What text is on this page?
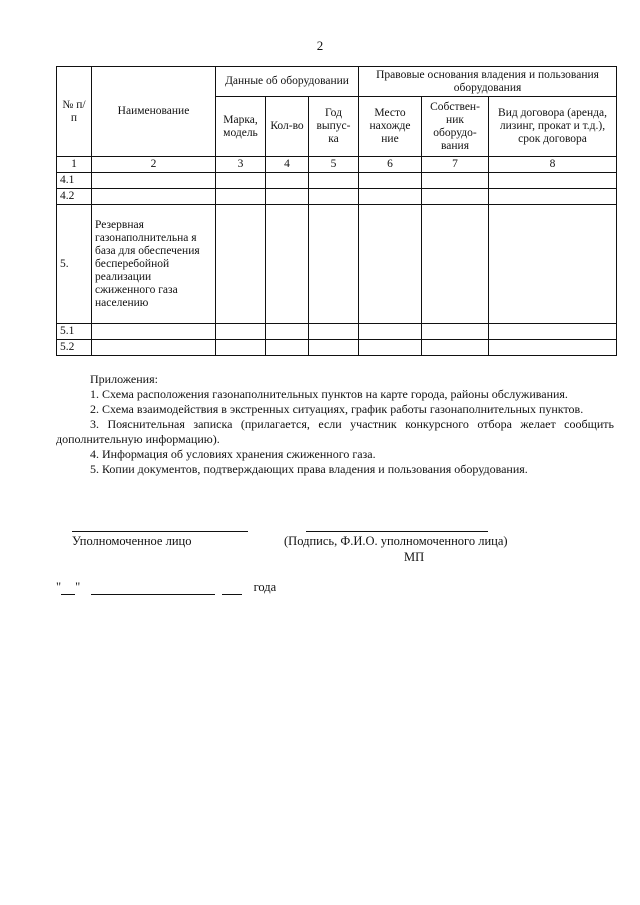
2
№ п/п	Наименование	Данные об оборудовании			Правовые основания владения и пользования оборудования		
		Марка, модель	Кол-во	Год выпус-ка	Место нахожде ние	Собствен-ник оборудо-вания	Вид договора (аренда, лизинг, прокат и т.д.), срок договора
1	2	3	4	5	6	7	8
4.1							
4.2							
5.	Резервная газонаполнительна я база для обеспечения бесперебойной реализации сжиженного газа населению						
5.1							
5.2							

Приложения:

1. Схема расположения газонаполнительных пунктов на карте города, районы обслуживания.

2. Схема взаимодействия в экстренных ситуациях, график работы газонаполнительных пунктов.

3. Пояснительная записка (прилагается, если участник конкурсного отбора желает сообщить дополнительную информацию).

4. Информация об условиях хранения сжиженного газа.

5. Копии документов, подтверждающих права владения и пользования оборудования.

Уполномоченное лицо	(Подпись, Ф.И.О. уполномоченного лица)
МП
" "	года
